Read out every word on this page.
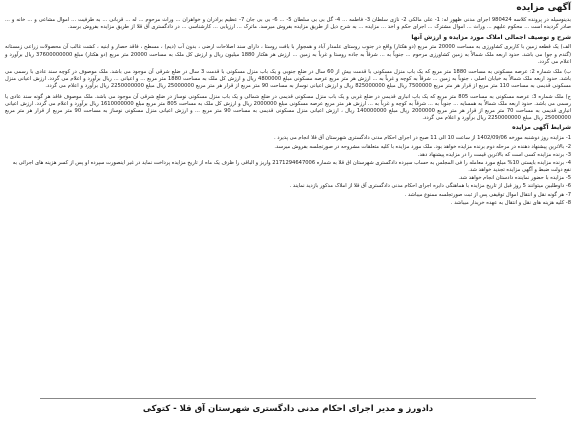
آگهی مزایده

بدینوسیله در پرونده کلاسه 980424 اجرای مدنی ظهور له: 1- علی مالکی 2- نازی سلطان 3- فاطمه ... 4- گل بی بی سلطان 5- ... 6- بی بی جان 7- عظیم برادران و خواهران ... وراث مرحوم ... له ... قربانی ... به طرفیت ... اموال مشاعی و ... خانه و ... صادر گردیده است ... محکوم علیهم ... وراث ... اموال مشترک ... اجرای حکم و اخذ ... مزایده ... به شرح ذیل از طریق مزایده بفروش میرسد. ماترک ... ارزیابی ... کارشناسی ... در دادگستری آق قلا از طریق مزایده بفروش برسد.

شرح و توصیف اجمالی املاک مورد مزایده و ارزش آنها

الف) یک قطعه زمین با کاربری کشاورزی به مساحت 20000 متر مربع (دو هکتار) واقع در جنوب روستای علمدار آباد و همجوار با بافت روستا ، دارای سند اصلاحات ارضی ، بدون آب (دیم) ، مسطح ، فاقد حصار و ابنیه ، کشت غالب آن محصولات زراعی زمستانه (گندم و جو) می باشد. حدود اربعه ملک شمالاً به زمین کشاورزی مرحوم ... جنوباً به ... شرقاً به جاده روستا و غرباً به زمین ... ارزش هر هکتار 1880 میلیون ریال و ارزش کل ملک به مساحت 20000 متر مربع (دو هکتار) مبلغ 37600000000 ریال برآورد و اعلام می گردد.

ب) ملک شماره 2: عرصه مسکونی به مساحت 1880 متر مربع که یک باب منزل مسکونی با قدمت بیش از 60 سال در ضلع جنوبی و یک باب منزل مسکونی با قدمت 3 سال در ضلع شرقی آن موجود می باشد. ملک موصوف در کوچه سند عادی با رسمی می باشد. حدود اربعه ملک شمالاً به خیابان اصلی ، جنوباً به زمین ... شرقاً به کوچه و غرباً به ... ارزش هر متر مربع عرصه مسکونی مبلغ 4800000 ریال و ارزش کل ملک به مساحت 1880 متر مربع ... و اعیانی ... ریال برآورد و اعلام می گردد. ارزش اعیانی منزل مسکونی قدیمی به مساحت 110 متر مربع از قرار هر متر مربع 7500000 ریال مبلغ 825000000 ریال و ارزش اعیانی نوساز به مساحت 90 متر مربع از قرار هر متر مربع 25000000 ریال مبلغ 2250000000 ریال برآورد و اعلام می گردد.

ج) ملک شماره 3: عرصه مسکونی به مساحت 805 متر مربع که یک باب انباری قدیمی در ضلع غربی و یک باب منزل مسکونی قدیمی در ضلع شمالی و یک باب منزل مسکونی نوساز در ضلع شرقی آن موجود می باشد. ملک موصوف فاقد هر گونه سند عادی یا رسمی می باشد. حدود اربعه ملک شمالاً به همسایه ... جنوباً به ... شرقاً به کوچه و غرباً به ... ارزش هر متر مربع عرصه مسکونی مبلغ 2000000 ریال و ارزش کل ملک به مساحت 805 متر مربع مبلغ 1610000000 ریال برآورد و اعلام می گردد. ارزش اعیانی انباری قدیمی به مساحت 70 متر مربع از قرار هر متر مربع 2000000 ریال مبلغ 140000000 ریال ، ارزش اعیانی منزل مسکونی قدیمی به مساحت 90 متر مربع ... و ارزش اعیانی منزل مسکونی نوساز به مساحت 90 متر مربع از قرار هر متر مربع 25000000 ریال مبلغ 2250000000 ریال برآورد و اعلام می گردد.

شرایط آگهی مزایده
1- مزایده روز دوشنبه مورخه 1402/09/06 از ساعت 10 الی 11 صبح در اجرای احکام مدنی دادگستری شهرستان آق قلا انجام می پذیرد .
2- بالاترین پیشنهاد دهنده در مرحله دوم برنده مزایده خواهد بود. ملک مورد مزایده با کلیه متعلقات مشروحه در صورتجلسه بفروش میرسد.
3- برنده مزایده کسی است که بالاترین قیمت را در مزایده پیشنهاد دهد.
4- برنده مزایده بایستی 10% مبلغ مورد معامله را فی المجلس به حساب سپرده دادگستری شهرستان آق قلا به شماره 2171294647006 واریز و الباقی را ظرف یک ماه از تاریخ مزایده پرداخت نماید در غیر اینصورت سپرده او پس از کسر هزینه های اجرائی به نفع دولت ضبط و آگهی مزایده تجدید خواهد شد.
5- مزایده با حضور نماینده دادستان انجام خواهد شد.
6- داوطلبین میتوانند 5 روز قبل از تاریخ مزایده با هماهنگی دایره اجرای احکام مدنی دادگستری آق قلا از املاک مذکور بازدید نمایند .
7- هر گونه نقل و انتقال اموال توقیفی پس از ثبت صورتجلسه ممنوع میباشد .
8- کلیه هزینه های نقل و انتقال به عهده خریدار میباشد .
دادورز و مدیر اجرای احکام مدنی دادگستری شهرستان آق قلا - کتوکی
